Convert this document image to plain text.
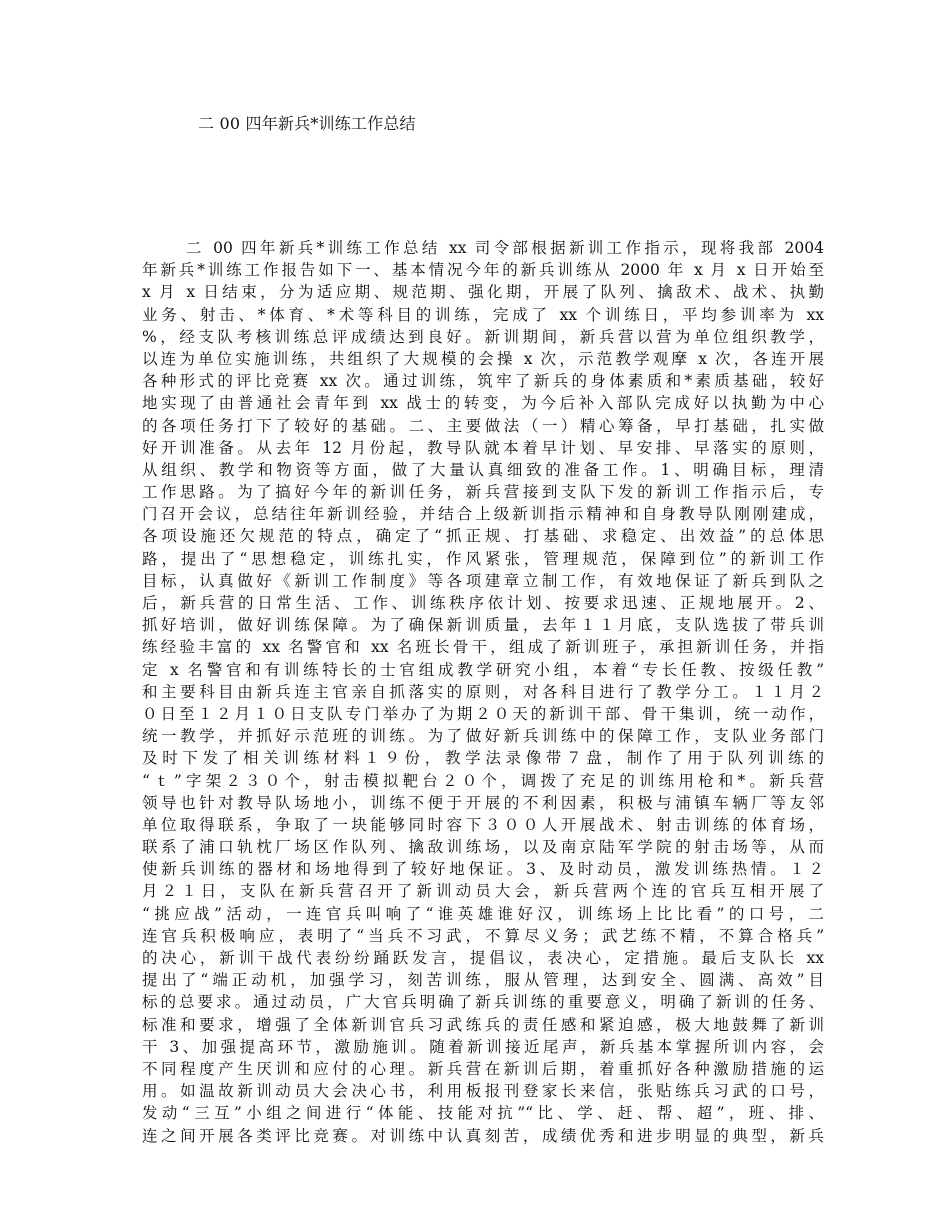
二 00 四年新兵*训练工作总结
二 00 四年新兵*训练工作总结 xx 司令部根据新训工作指示，现将我部 2004
年新兵*训练工作报告如下一、基本情况今年的新兵训练从 2000 年 x 月 x 日开始至
x 月 x 日结束，分为适应期、规范期、强化期，开展了队列、擒敌术、战术、执勤
业务、射击、*体育、*术等科目的训练，完成了 xx 个训练日，平均参训率为 xx
%，经支队考核训练总评成绩达到良好。新训期间，新兵营以营为单位组织教学，
以连为单位实施训练，共组织了大规模的会操 x 次，示范教学观摩 x 次，各连开展
各种形式的评比竞赛 xx 次。通过训练，筑牢了新兵的身体素质和*素质基础，较好
地实现了由普通社会青年到 xx 战士的转变，为今后补入部队完成好以执勤为中心
的各项任务打下了较好的基础。二、主要做法（一）精心筹备，早打基础，扎实做
好开训准备。从去年 12 月份起，教导队就本着早计划、早安排、早落实的原则，
从组织、教学和物资等方面，做了大量认真细致的准备工作。1、明确目标，理清
工作思路。为了搞好今年的新训任务，新兵营接到支队下发的新训工作指示后，专
门召开会议，总结往年新训经验，并结合上级新训指示精神和自身教导队刚刚建成，
各项设施还欠规范的特点，确定了“抓正规、打基础、求稳定、出效益”的总体思
路，提出了“思想稳定，训练扎实，作风紧张，管理规范，保障到位”的新训工作
目标，认真做好《新训工作制度》等各项建章立制工作，有效地保证了新兵到队之
后，新兵营的日常生活、工作、训练秩序依计划、按要求迅速、正规地展开。2、
抓好培训，做好训练保障。为了确保新训质量，去年１１月底，支队选拔了带兵训
练经验丰富的 xx 名警官和 xx 名班长骨干，组成了新训班子，承担新训任务，并指
定 x 名警官和有训练特长的士官组成教学研究小组，本着“专长任教、按级任教”
和主要科目由新兵连主官亲自抓落实的原则，对各科目进行了教学分工。１１月２
０日至１２月１０日支队专门举办了为期２０天的新训干部、骨干集训，统一动作，
统一教学，并抓好示范班的训练。为了做好新兵训练中的保障工作，支队业务部门
及时下发了相关训练材料１９份，教学法录像带７盘，制作了用于队列训练的
“ｔ”字架２３０个，射击模拟靶台２０个，调拨了充足的训练用枪和*。新兵营
领导也针对教导队场地小，训练不便于开展的不利因素，积极与浦镇车辆厂等友邻
单位取得联系，争取了一块能够同时容下３００人开展战术、射击训练的体育场，
联系了浦口轨枕厂场区作队列、擒敌训练场，以及南京陆军学院的射击场等，从而
使新兵训练的器材和场地得到了较好地保证。3、及时动员，激发训练热情。１２
月２１日，支队在新兵营召开了新训动员大会，新兵营两个连的官兵互相开展了
“挑应战”活动，一连官兵叫响了“谁英雄谁好汉，训练场上比比看”的口号，二
连官兵积极响应，表明了“当兵不习武，不算尽义务；武艺练不精，不算合格兵”
的决心，新训干战代表纷纷踊跃发言，提倡议，表决心，定措施。最后支队长 xx
提出了“端正动机，加强学习，刻苦训练，服从管理，达到安全、圆满、高效”目
标的总要求。通过动员，广大官兵明确了新兵训练的重要意义，明确了新训的任务、
标准和要求，增强了全体新训官兵习武练兵的责任感和紧迫感，极大地鼓舞了新训
干 3、加强提高环节，激励施训。随着新训接近尾声，新兵基本掌握所训内容，会
不同程度产生厌训和应付的心理。新兵营在新训后期，着重抓好各种激励措施的运
用。如温故新训动员大会决心书，利用板报刊登家长来信，张贴练兵习武的口号，
发动“三互”小组之间进行“体能、技能对抗”“比、学、赶、帮、超”，班、排、
连之间开展各类评比竞赛。对训练中认真刻苦，成绩优秀和进步明显的典型，新兵
